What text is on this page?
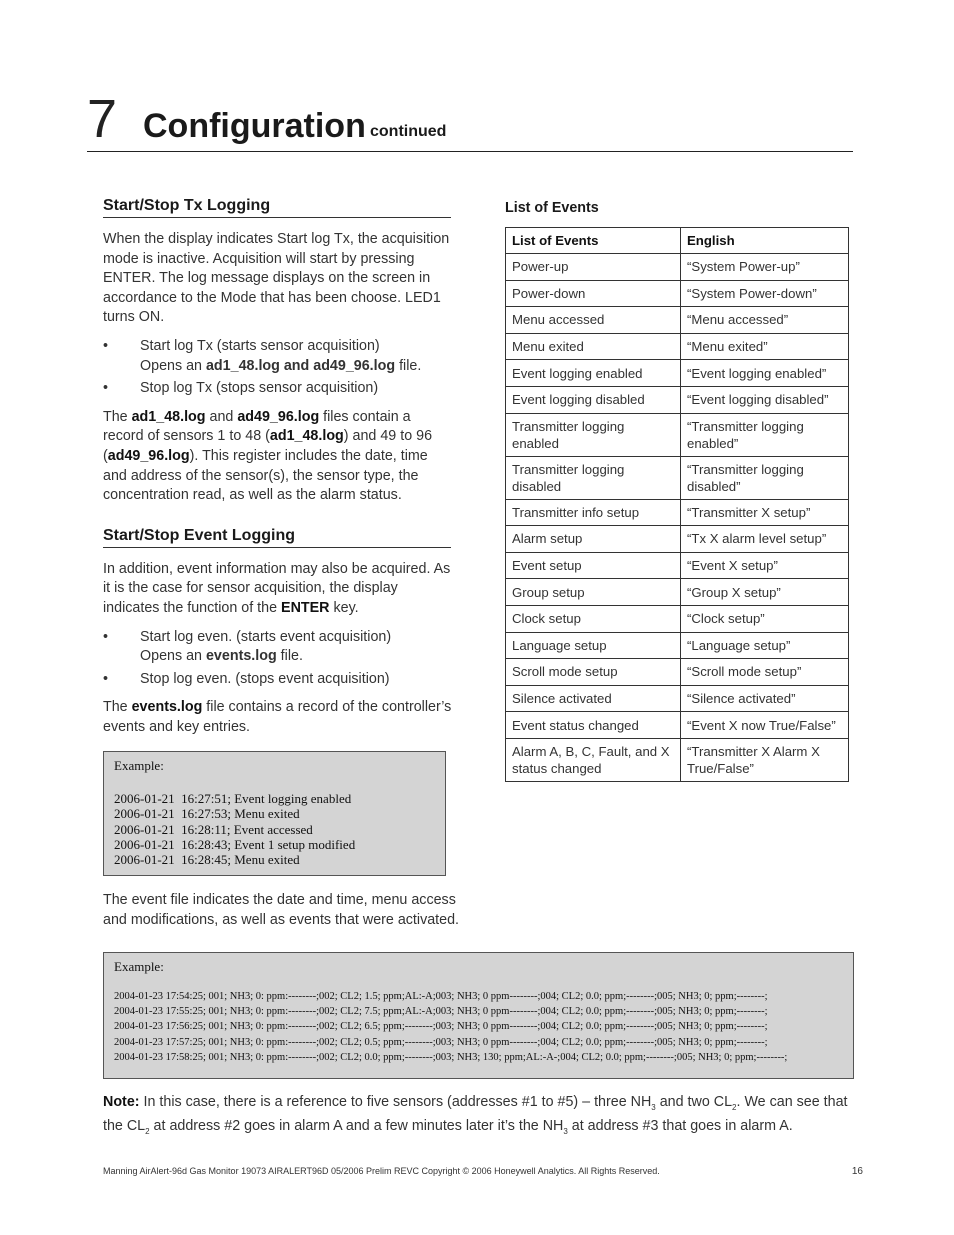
7 Configuration continued
Start/Stop Tx Logging

When the display indicates Start log Tx, the acquisition mode is inactive. Acquisition will start by pressing ENTER. The log message displays on the screen in accordance to the Mode that has been choose. LED1 turns ON.

• Start log Tx (starts sensor acquisition)
Opens an ad1_48.log and ad49_96.log file.
• Stop log Tx (stops sensor acquisition)

The ad1_48.log and ad49_96.log files contain a record of sensors 1 to 48 (ad1_48.log) and 49 to 96 (ad49_96.log). This register includes the date, time and address of the sensor(s), the sensor type, the concentration read, as well as the alarm status.

Start/Stop Event Logging

In addition, event information may also be acquired. As it is the case for sensor acquisition, the display indicates the function of the ENTER key.

• Start log even. (starts event acquisition)
Opens an events.log file.
• Stop log even. (stops event acquisition)

The events.log file contains a record of the controller’s events and key entries.

Example:
2006-01-21  16:27:51; Event logging enabled
2006-01-21  16:27:53; Menu exited
2006-01-21  16:28:11; Event accessed
2006-01-21  16:28:43; Event 1 setup modified
2006-01-21  16:28:45; Menu exited

The event file indicates the date and time, menu access and modifications, as well as events that were activated.

List of Events
List of Events	English
Power-up	“System Power-up”
Power-down	“System Power-down”
Menu accessed	“Menu accessed”
Menu exited	“Menu exited”
Event logging enabled	“Event logging enabled”
Event logging disabled	“Event logging disabled”
Transmitter logging enabled	“Transmitter logging enabled”
Transmitter logging disabled	“Transmitter logging disabled”
Transmitter info setup	“Transmitter X setup”
Alarm setup	“Tx X alarm level setup”
Event setup	“Event X setup”
Group setup	“Group X setup”
Clock setup	“Clock setup”
Language setup	“Language setup”
Scroll mode setup	“Scroll mode setup”
Silence activated	“Silence activated”
Event status changed	“Event X now True/False”
Alarm A, B, C, Fault, and X status changed	“Transmitter X Alarm X True/False”
Example:
2004-01-23 17:54:25; 001; NH3; 0: ppm:--------;002; CL2; 1.5; ppm;AL:-A;003; NH3; 0 ppm--------;004; CL2; 0.0; ppm;--------;005; NH3; 0; ppm;--------;
2004-01-23 17:55:25; 001; NH3; 0: ppm:--------;002; CL2; 7.5; ppm;AL:-A;003; NH3; 0 ppm--------;004; CL2; 0.0; ppm;--------;005; NH3; 0; ppm;--------;
2004-01-23 17:56:25; 001; NH3; 0: ppm:--------;002; CL2; 6.5; ppm;--------;003; NH3; 0 ppm--------;004; CL2; 0.0; ppm;--------;005; NH3; 0; ppm;--------;
2004-01-23 17:57:25; 001; NH3; 0: ppm:--------;002; CL2; 0.5; ppm;--------;003; NH3; 0 ppm--------;004; CL2; 0.0; ppm;--------;005; NH3; 0; ppm;--------;
2004-01-23 17:58:25; 001; NH3; 0: ppm:--------;002; CL2; 0.0; ppm;--------;003; NH3; 130; ppm;AL:-A-;004; CL2; 0.0; ppm;--------;005; NH3; 0; ppm;--------;

Note: In this case, there is a reference to five sensors (addresses #1 to #5) – three $NH_3$ and two $CL_2$. We can see that the $CL_2$ at address #2 goes in alarm A and a few minutes later it’s the $NH_3$ at address #3 that goes in alarm A.

Manning AirAlert-96d Gas Monitor 19073 AIRALERT96D 05/2006 Prelim REVC Copyright © 2006 Honeywell Analytics. All Rights Reserved.	16
